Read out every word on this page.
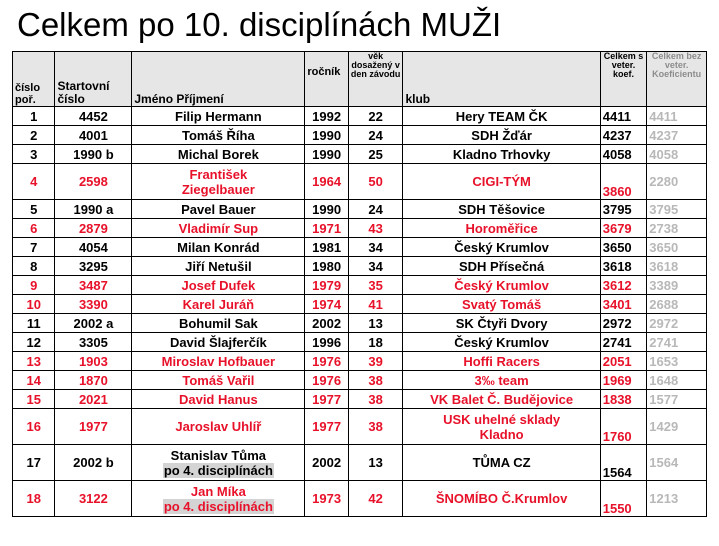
Celkem po 10. disciplínách MUŽI
číslo poř.	Startovní číslo	Jméno Příjmení	ročník	věk dosažený v den závodu	klub	Celkem s veter. koef.	Celkem bez veter. Koeficientu
1	4452	Filip Hermann	1992	22	Hery TEAM ČK	4411	4411
2	4001	Tomáš Říha	1990	24	SDH Žďár	4237	4237
3	1990 b	Michal Borek	1990	25	Kladno Trhovky	4058	4058
4	2598	František
Ziegelbauer	1964	50	CIGI-TÝM	3860	2280
5	1990 a	Pavel Bauer	1990	24	SDH Těšovice	3795	3795
6	2879	Vladimír Sup	1971	43	Horoměřice	3679	2738
7	4054	Milan Konrád	1981	34	Český Krumlov	3650	3650
8	3295	Jiří Netušil	1980	34	SDH Přísečná	3618	3618
9	3487	Josef Dufek	1979	35	Český Krumlov	3612	3389
10	3390	Karel Juráň	1974	41	Svatý Tomáš	3401	2688
11	2002 a	Bohumil Sak	2002	13	SK Čtyři Dvory	2972	2972
12	3305	David Šlajferčík	1996	18	Český Krumlov	2741	2741
13	1903	Miroslav Hofbauer	1976	39	Hoffi Racers	2051	1653
14	1870	Tomáš Vařil	1976	38	3‰ team	1969	1648
15	2021	David Hanus	1977	38	VK Balet Č. Budějovice	1838	1577
16	1977	Jaroslav Uhlíř	1977	38	USK uhelné sklady
Kladno	1760	1429
17	2002 b	Stanislav Tůma
po 4. disciplínách	2002	13	TŮMA CZ	1564	1564
18	3122	Jan Míka
po 4. disciplínách	1973	42	ŠNOMÍBO Č.Krumlov	1550	1213
